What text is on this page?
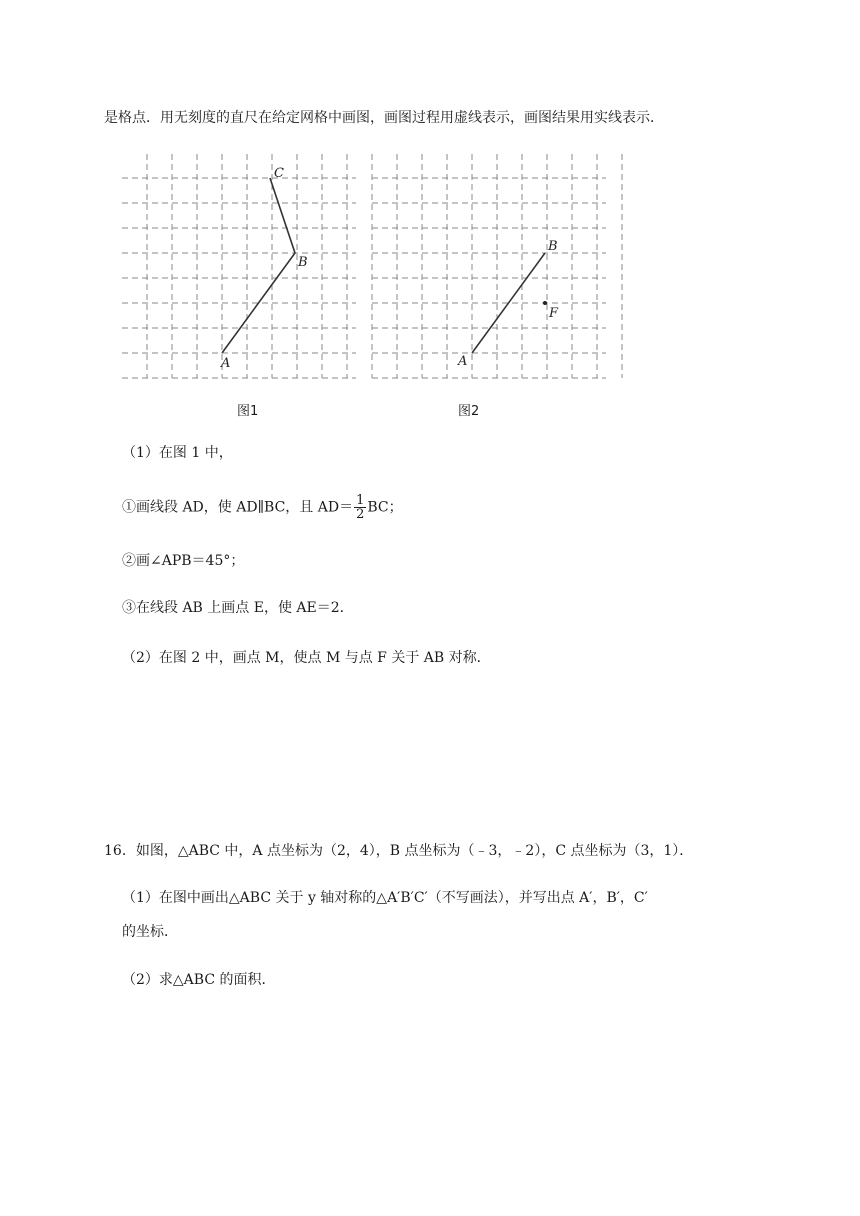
是格点．用无刻度的直尺在给定网格中画图，画图过程用虚线表示，画图结果用实线表示．
C
B
A
图1
B
A
F
图2
（1）在图 1 中，
①画线段 AD，使 AD∥BC，且 $AD= \frac{1}{2}$ BC；
②画∠APB＝45°；
③在线段 AB 上画点 E，使 AE＝2．
（2）在图 2 中，画点 M，使点 M 与点 F 关于 AB 对称．
16．如图，△ABC 中，A 点坐标为（2，4），B 点坐标为（﹣3，﹣2），C 点坐标为（3，1）．
（1）在图中画出△ABC 关于 y 轴对称的△A′B′C′（不写画法），并写出点 A′，B′，C′
的坐标．
（2）求△ABC 的面积．
